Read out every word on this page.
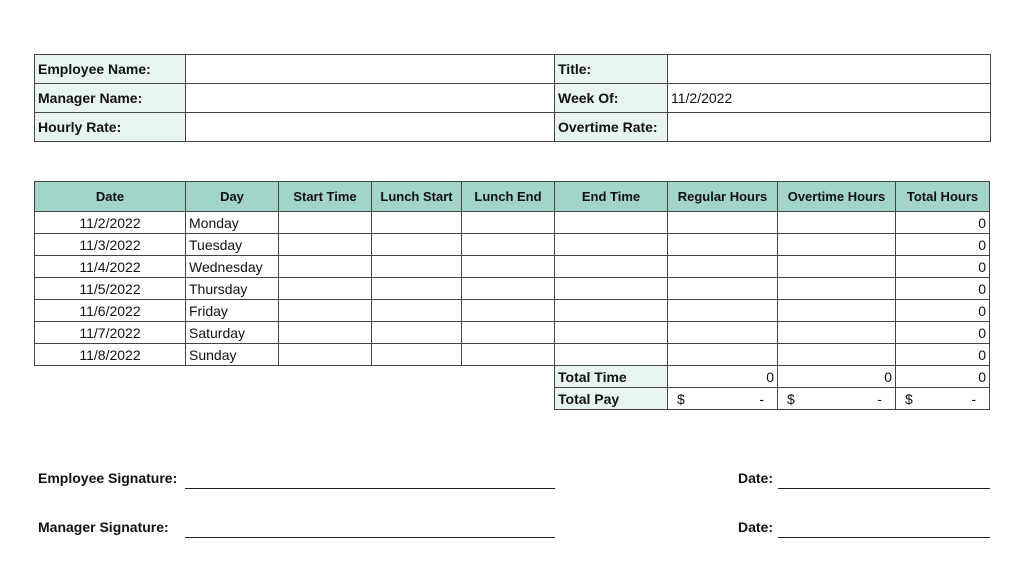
Employee Name:		Title:	
Manager Name:		Week Of:	11/2/2022
Hourly Rate:		Overtime Rate:	
Date	Day	Start Time	Lunch Start	Lunch End	End Time	Regular Hours	Overtime Hours	Total Hours
11/2/2022	Monday							0
11/3/2022	Tuesday							0
11/4/2022	Wednesday							0
11/5/2022	Thursday							0
11/6/2022	Friday							0
11/7/2022	Saturday							0
11/8/2022	Sunday							0
					Total Time	0	0	0
					Total Pay	$ -	$ -	$ -
Employee Signature:	Date:
Manager Signature:	Date:
